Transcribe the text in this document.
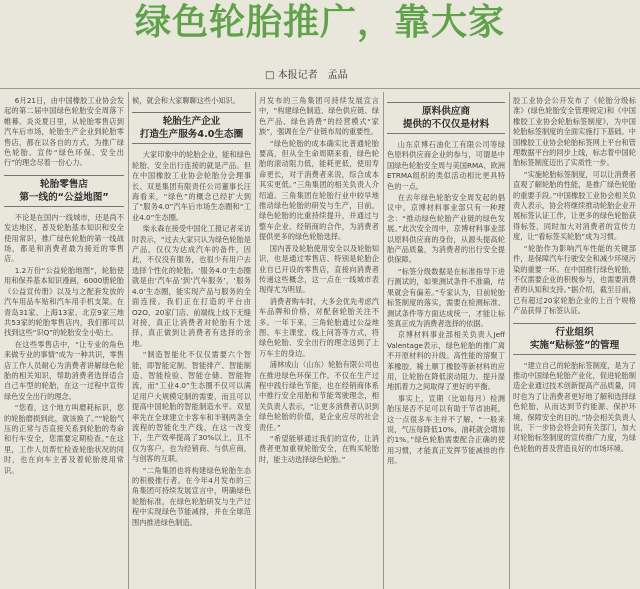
绿色轮胎推广，靠大家
□ 本报记者　孟晶

6月21日，由中国橡胶工业协会发起的第二届中国绿色轮胎安全周落下帷幕。炎炎夏日里，从轮胎零售店到汽车后市场，轮胎生产企业到轮胎零售店，都在以各自的方式，为推广绿色轮胎、宣传“绿色环保、安全出行”的理念尽着一份心力。

轮胎零售店
第一线的“公益地图”

不论是在国内一线城市，还是尚不发达地区，普及轮胎基本知识和安全使用常识，推广绿色轮胎的第一线战场，都是和消费者最为接近的零售店。

1.2万份“公益轮胎地图”，轮胎使用和保养基本知识漫画，6000册轮胎《公益宣传册》以及与之配套发放的汽车用品车贴和汽车用手机支架。在青岛31家、上海13家、北京9家三地共53家的轮胎零售店内，我们都可以找到这些“识Q”的轮胎安全小贴士。

在这些零售店中，“让专业的角色来做专业的事情”成为一种共识，零售店工作人员耐心为消费者讲解绿色轮胎的相关知识，帮助消费者选择适合自己车型的轮胎，在这一过程中宣传绿色安全出行的理念。

“您看，这个地方叫磨耗标识，您的轮胎磨损到此，就该换了。”“轮胎气压的正常与否直接关系到轮胎的寿命和行车安全，您需要定期检查。”在这里，工作人员帮忙检查轮胎状况的同时，也在向车主普及着轮胎使用常识。

候，就会和大家聊聊这些小知识。

轮胎生产企业
打造生产服务4.0生态圈

大家印象中的轮胎企业，能和绿色轮胎、安全出行连接的就是产品。但在中国橡胶工业协会轮胎分会理事长、双星集团有限责任公司董事长汪海看来，“绿色”的概念已经扩大到了“服务4.0”汽车后市场生态圈和“工业4.0”生态圈。

柴永森在接受中国化工报记者采访时表示，“过去大家只认为绿色轮胎是产品，仅仅为达成汽车的备件，因此，不仅没有服务，也很少有用户去选择个性化的轮胎。‘服务4.0’生态圈就是由‘汽车品’到‘汽车服务’，‘服务4.0’生态圈，能实现产品与服务的全面连接。我们正在打造的平台由O2O、20家门店、前端线上线下无缝对接，真正让消费者对轮胎有个选择，真正做到让消费者有选择的余地。

“制造智能化不仅仅需要六个智能，即智能定制、智能排产、智能制造、智能检验、智能仓储、智能物流，而“工业4.0”生态圈不仅可以满足用户大规模定制的需要，而且可以提高中国轮胎的智能制造水平。双星率先在全球建立卡客车和半钢两条全流程的智能化生产线，在这一改变下，生产效率提高了30%以上，且不仅为客户，也为经销商、与供应商，与创客的互联。

“二角集团也将构建绿色轮胎生态的积极推行者。在今年4月发布的三角集团可持续发展宣言中，明确绿色轮胎标准，在绿色轮胎研发与生产过程中实现绿色节能减排，并在全球范围内推进绿色制造。

月发布的三角集团可持续发展宣言中，“构建绿色制造、绿色供应链、绿色产品、绿色消费”的经营模式“家族”，强调在全产业链布局的重要性。

“绿色轮胎的成本确实比普通轮胎要高，但从全生命周期来看，绿色轮胎的滚动阻力低，能耗更低，使用寿命更长，对于消费者来说，综合成本其实更低。”三角集团的相关负责人介绍道。三角集团在轮胎行业中较早地推动绿色轮胎的研发与生产，目前，绿色轮胎的比重持续提升，并通过与整车企业、经销商的合作，为消费者提供更多的绿色轮胎选择。

国内普及轮胎使用安全以及轮胎知识，也是通过零售店、特别是轮胎企业自已开设的零售店，直接向消费者传递这些概念，这一点在一线城市表现得尤为明显。

消费者购车时，大多会优先考虑汽车品牌和价格，对配套轮胎关注不多。一年下来，三角轮胎通过公益地图、车主课堂、线上问答等方式，将绿色轮胎、安全出行的理念送到了上万车主的身边。

浦林成山（山东）轮胎有限公司也在推进绿色环保工作。不仅在生产过程中践行绿色节能，也在经销商体系中推行安全用胎和节能驾驶理念，相关负责人表示，“让更多消费者认识到绿色轮胎的价值，是企业应尽的社会责任。”

“希望能够通过我们的宣传，让消费者更加重视轮胎安全，在购买轮胎时，能主动选择绿色轮胎。”

原料供应商
提供的不仅仅是材料

山东京博石油化工有限公司等绿色原料供应商企业的参与，可谓是中国绿色轮胎安全周与美国RMA、欧洲ETRMA组织的类似活动相比更具特色的一点。

在去年绿色轮胎安全周发起的倡议中，京博材料事业部只有一种理念：“推动绿色轮胎产业链的绿色发展。”此次安全周中，京博材料事业部以原料供应商的身份，从源头提高轮胎产品质量，为消费者的出行安全提供保障。

“标签分级数据是在标准指导下进行测试的，如果测试条件不准确，结果就会有偏差。”专家认为，目前轮胎标签制度的落实，需要在检测标准、测试条件等方面达成统一，才能让标签真正成为消费者选择的依据。

京博材料事业部相关负责人Jeff Valentage表示，绿色轮胎的推广离不开原材料的升级。高性能的溶聚丁苯橡胶、稀土顺丁橡胶等新材料的应用，让轮胎在降低滚动阻力、提升湿地抓着力之间取得了更好的平衡。

事实上，宣期（比如每月）检测胎压是否不足可以有助于节省油耗，这一点很多车主并不了解。“一般来说，气压每降低10%，油耗就会增加约1%。”绿色轮胎需要配合正确的使用习惯，才能真正发挥节能减排的作用。

胶工业协会公开发布了《轮胎分级标准》(绿色轮胎安全管理规定)和《中国橡胶工业协会轮胎标签制度》，为中国轮胎标签制度的全面实施打下基础。中国橡胶工业协会轮胎标签网上平台和管理数据平台的同步上线，标志着中国轮胎标签制度迈出了实质性一步。

“实施轮胎标签制度，可以让消费者直观了解轮胎的性能，是推广绿色轮胎的重要手段。”中国橡胶工业协会相关负责人表示，协会将继续推动轮胎企业开展标签认证工作，让更多的绿色轮胎获得标签，同时加大对消费者的宣传力度，让“看标签买轮胎”成为习惯。

“轮胎作为影响汽车性能的关键部件，是保障汽车行驶安全和减少环境污染的重要一环。在中国推行绿色轮胎，不仅需要企业的积极参与，也需要消费者的认知和支持。”据介绍，截至目前，已有超过20家轮胎企业的上百个规格产品获得了标签认证。

行业组织
实施“贴标签”的管理

“建立自己的轮胎标签制度，是为了推动中国绿色轮胎产业化，促进轮胎制造企业通过技术创新提高产品质量，同时也为了让消费者更好地了解和选择绿色轮胎，从而达到节约能源、保护环境、保障安全的目的。”协会相关负责人说，下一步协会将会同有关部门，加大对轮胎标签制度的宣传推广力度，为绿色轮胎的普及营造良好的市场环境。
